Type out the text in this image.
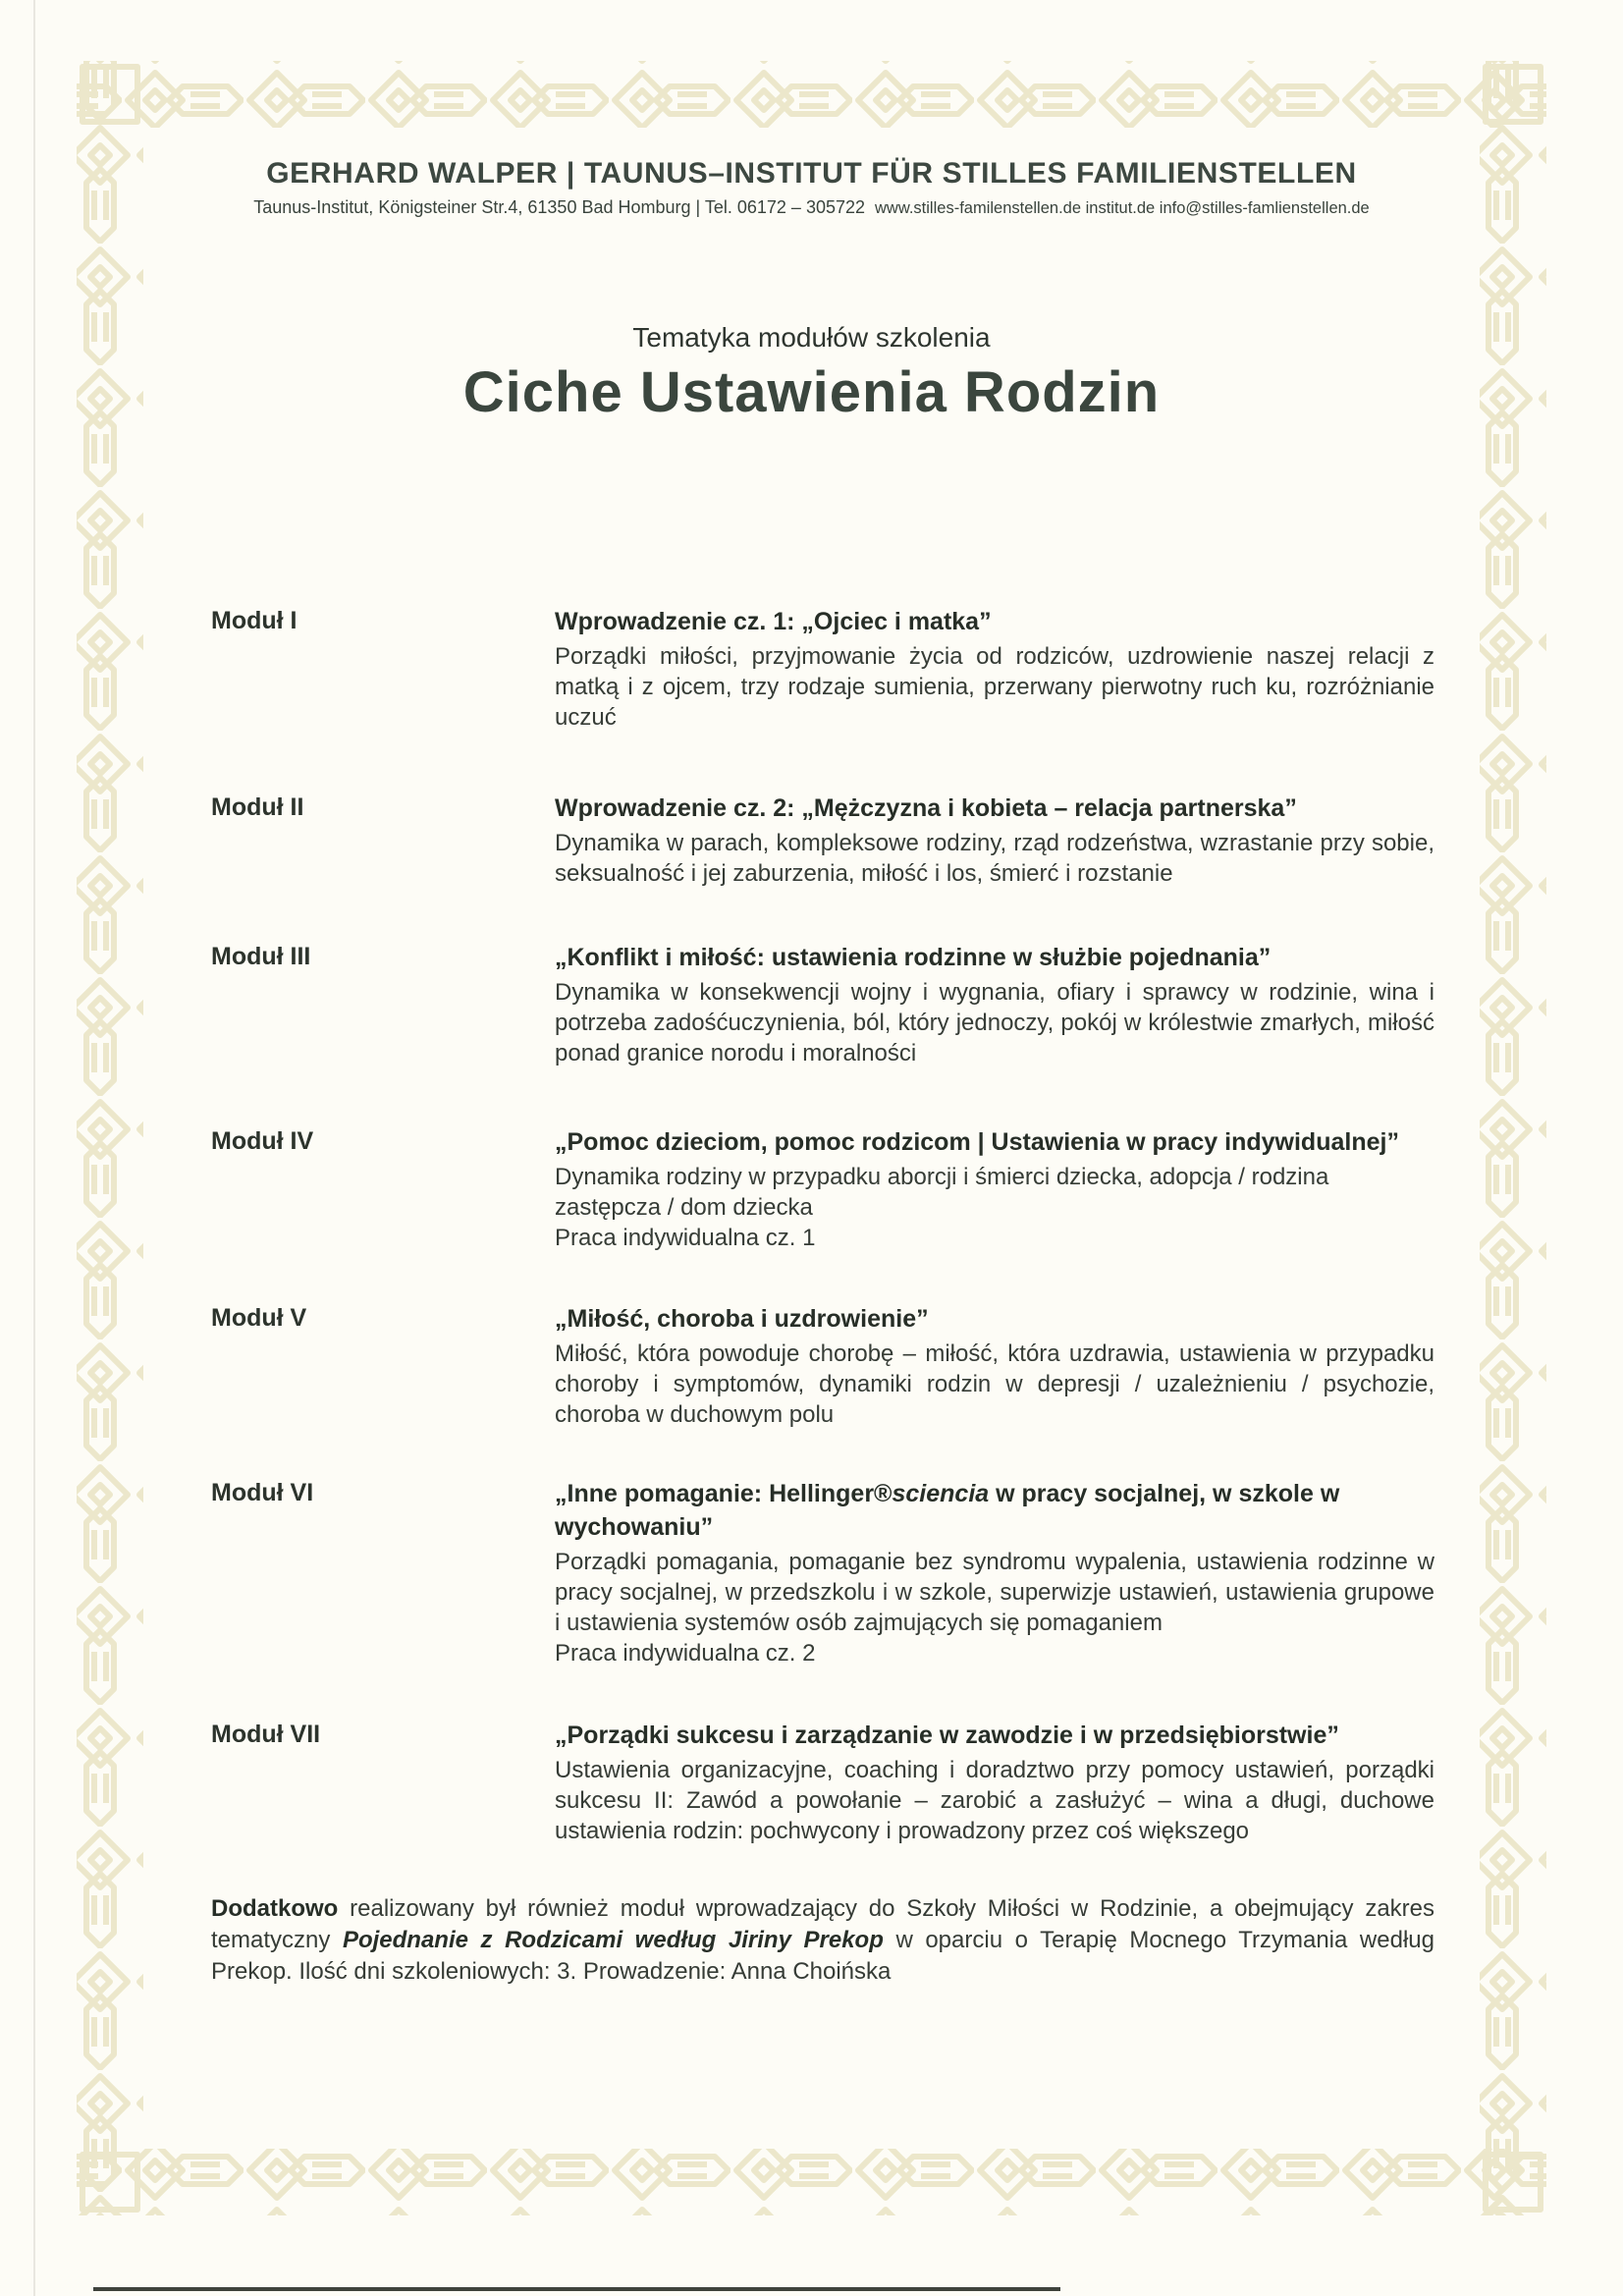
GERHARD WALPER | TAUNUS–INSTITUT FÜR STILLES FAMILIENSTELLEN
Taunus-Institut, Königsteiner Str.4, 61350 Bad Homburg | Tel. 06172 – 305722 www.stilles-familenstellen.de institut.de info@stilles-famlienstellen.de
Tematyka modułów szkolenia
Ciche Ustawienia Rodzin
Moduł I	Wprowadzenie cz. 1: „Ojciec i matka”

Porządki miłości, przyjmowanie życia od rodziców, uzdrowienie naszej relacji z matką i z ojcem, trzy rodzaje sumienia, przerwany pierwotny ruch ku, rozróżnianie uczuć

Moduł II	Wprowadzenie cz. 2: „Mężczyzna i kobieta – relacja partnerska”

Dynamika w parach, kompleksowe rodziny, rząd rodzeństwa, wzrastanie przy sobie, seksualność i jej zaburzenia, miłość i los, śmierć i rozstanie

Moduł III	„Konflikt i miłość: ustawienia rodzinne w służbie pojednania”

Dynamika w konsekwencji wojny i wygnania, ofiary i sprawcy w rodzinie, wina i potrzeba zadośćuczynienia, ból, który jednoczy, pokój w królestwie zmarłych, miłość ponad granice norodu i moralności

Moduł IV	„Pomoc dzieciom, pomoc rodzicom | Ustawienia w pracy indywidualnej”

Dynamika rodziny w przypadku aborcji i śmierci dziecka, adopcja / rodzina zastępcza / dom dziecka

Praca indywidualna cz. 1

Moduł V	„Miłość, choroba i uzdrowienie”

Miłość, która powoduje chorobę – miłość, która uzdrawia, ustawienia w przypadku choroby i symptomów, dynamiki rodzin w depresji / uzależnieniu / psychozie, choroba w duchowym polu

Moduł VI	„Inne pomaganie: Hellinger®sciencia w pracy socjalnej, w szkole w wychowaniu”

Porządki pomagania, pomaganie bez syndromu wypalenia, ustawienia rodzinne w pracy socjalnej, w przedszkolu i w szkole, superwizje ustawień, ustawienia grupowe i ustawienia systemów osób zajmujących się pomaganiem

Praca indywidualna cz. 2

Moduł VII	„Porządki sukcesu i zarządzanie w zawodzie i w przedsiębiorstwie”

Ustawienia organizacyjne, coaching i doradztwo przy pomocy ustawień, porządki sukcesu II: Zawód a powołanie – zarobić a zasłużyć – wina a długi, duchowe ustawienia rodzin: pochwycony i prowadzony przez coś większego

Dodatkowo realizowany był również moduł wprowadzający do Szkoły Miłości w Rodzinie, a obejmujący zakres tematyczny Pojednanie z Rodzicami według Jiriny Prekop w oparciu o Terapię Mocnego Trzymania według Prekop. Ilość dni szkoleniowych: 3. Prowadzenie: Anna Choińska
